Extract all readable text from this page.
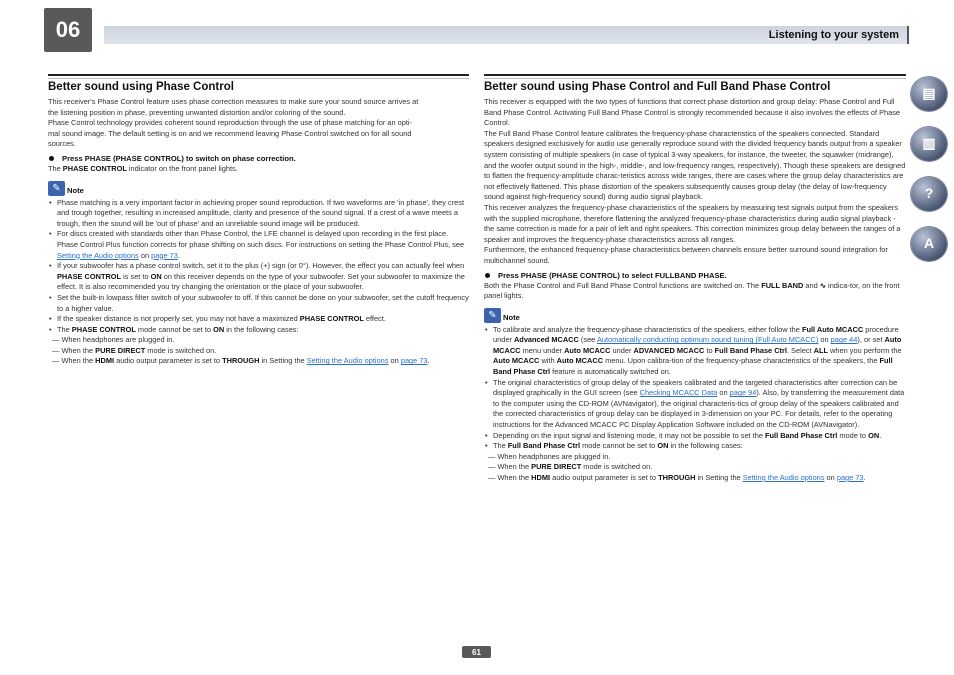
06	Listening to your system
Better sound using Phase Control

This receiver's Phase Control feature uses phase correction measures to make sure your sound source arrives at

the listening position in phase, preventing unwanted distortion and/or coloring of the sound.

Phase Control technology provides coherent sound reproduction through the use of phase matching for an opti-

mal sound image. The default setting is on and we recommend leaving Phase Control switched on for all sound

sources.

Press PHASE (PHASE CONTROL) to switch on phase correction.

The PHASE CONTROL indicator on the front panel lights.

✎ Note
• Phase matching is a very important factor in achieving proper sound reproduction. If two waveforms are 'in phase', they crest and trough together, resulting in increased amplitude, clarity and presence of the sound signal. If a crest of a wave meets a trough, then the sound will be 'out of phase' and an unreliable sound image will be produced.
• For discs created with standards other than Phase Control, the LFE channel is delayed upon recording in the first place. Phase Control Plus function corrects for phase shifting on such discs. For instructions on setting the Phase Control Plus, see Setting the Audio options on page 73.
• If your subwoofer has a phase control switch, set it to the plus (+) sign (or 0°). However, the effect you can actually feel when PHASE CONTROL is set to ON on this receiver depends on the type of your subwoofer. Set your subwoofer to maximize the effect. It is also recommended you try changing the orientation or the place of your subwoofer.
• Set the built-in lowpass filter switch of your subwoofer to off. If this cannot be done on your subwoofer, set the cutoff frequency to a higher value.
• If the speaker distance is not properly set, you may not have a maximized PHASE CONTROL effect.
• The PHASE CONTROL mode cannot be set to ON in the following cases:
— When headphones are plugged in.
— When the PURE DIRECT mode is switched on.
— When the HDMI audio output parameter is set to THROUGH in Setting the Setting the Audio options on page 73.
Better sound using Phase Control and Full Band Phase Control

This receiver is equipped with the two types of functions that correct phase distortion and group delay: Phase Control and Full Band Phase Control. Activating Full Band Phase Control is strongly recommended because it also involves the effects of Phase Control.

The Full Band Phase Control feature calibrates the frequency-phase characteristics of the speakers connected. Standard speakers designed exclusively for audio use generally reproduce sound with the divided frequency bands output from a speaker system consisting of multiple speakers (in case of typical 3-way speakers, for instance, the tweeter, the squawker (midrange), and the woofer output sound in the high-, middle-, and low-frequency ranges, respectively). Though these speakers are designed to flatten the frequency-amplitude charac-teristics across wide ranges, there are cases where the group delay characteristics are not effectively flattened. This phase distortion of the speakers subsequently causes group delay (the delay of low-frequency sound against high-frequency sound) during audio signal playback.

This receiver analyzes the frequency-phase characteristics of the speakers by measuring test signals output from the speakers with the supplied microphone, therefore flattening the analyzed frequency-phase characteristics during audio signal playback - the same correction is made for a pair of left and right speakers. This correction minimizes group delay between the ranges of a speaker and improves the frequency-phase characteristics across all ranges.

Furthermore, the enhanced frequency-phase characteristics between channels ensure better surround sound integration for multichannel sound.

Press PHASE (PHASE CONTROL) to select FULLBAND PHASE.

Both the Phase Control and Full Band Phase Control functions are switched on. The FULL BAND and ∿ indica-tor, on the front panel lights.

✎ Note
• To calibrate and analyze the frequency-phase characteristics of the speakers, either follow the Full Auto MCACC procedure under Advanced MCACC (see Automatically conducting optimum sound tuning (Full Auto MCACC) on page 44), or set Auto MCACC menu under Auto MCACC under ADVANCED MCACC to Full Band Phase Ctrl. Select ALL when you perform the Auto MCACC with Auto MCACC menu. Upon calibra-tion of the frequency-phase characteristics of the speakers, the Full Band Phase Ctrl feature is automatically switched on.
• The original characteristics of group delay of the speakers calibrated and the targeted characteristics after correction can be displayed graphically in the GUI screen (see Checking MCACC Data on page 94). Also, by transferring the measurement data to the computer using the CD-ROM (AVNavigator), the original characteris-tics of group delay of the speakers calibrated and the corrected characteristics of group delay can be displayed in 3-dimension on your PC. For details, refer to the operating instructions for the Advanced MCACC PC Display Application Software included on the CD-ROM (AVNavigator).
• Depending on the input signal and listening mode, it may not be possible to set the Full Band Phase Ctrl mode to ON.
• The Full Band Phase Ctrl mode cannot be set to ON in the following cases:
— When headphones are plugged in.
— When the PURE DIRECT mode is switched on.
— When the HDMI audio output parameter is set to THROUGH in Setting the Setting the Audio options on page 73.
▤
▥
?
A
61
